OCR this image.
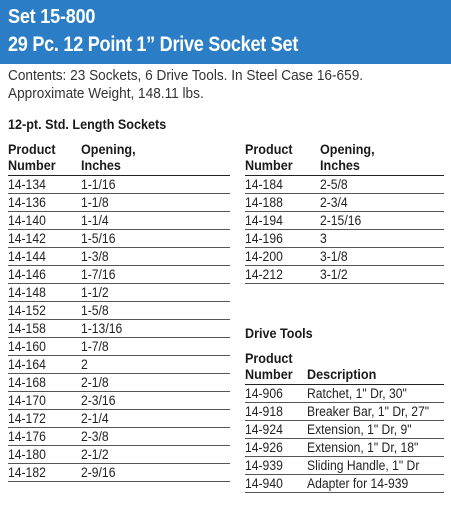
Set 15-800
29 Pc. 12 Point 1” Drive Socket Set
Contents: 23 Sockets, 6 Drive Tools. In Steel Case 16-659.
Approximate Weight, 148.11 lbs.
12-pt. Std. Length Sockets
Product
Number	Opening,
Inches
14-134	1-1/16
14-136	1-1/8
14-140	1-1/4
14-142	1-5/16
14-144	1-3/8
14-146	1-7/16
14-148	1-1/2
14-152	1-5/8
14-158	1-13/16
14-160	1-7/8
14-164	2
14-168	2-1/8
14-170	2-3/16
14-172	2-1/4
14-176	2-3/8
14-180	2-1/2
14-182	2-9/16
Product
Number	Opening,
Inches
14-184	2-5/8
14-188	2-3/4
14-194	2-15/16
14-196	3
14-200	3-1/8
14-212	3-1/2
Drive Tools
Product
Number	Description
14-906	Ratchet, 1" Dr, 30"
14-918	Breaker Bar, 1" Dr, 27"
14-924	Extension, 1" Dr, 9"
14-926	Extension, 1" Dr, 18"
14-939	Sliding Handle, 1" Dr
14-940	Adapter for 14-939
